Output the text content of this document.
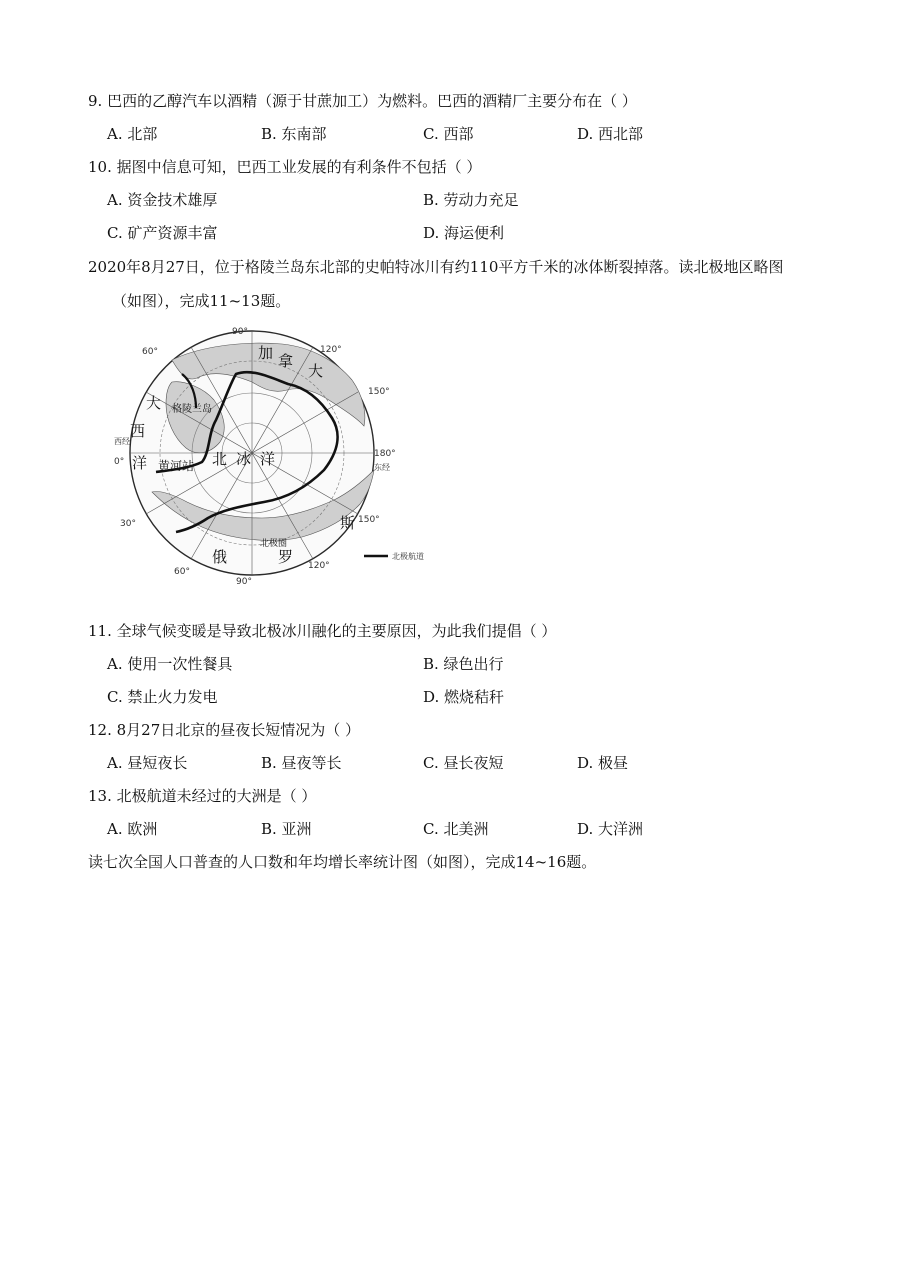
9. 巴西的乙醇汽车以酒精（源于甘蔗加工）为燃料。巴西的酒精厂主要分布在（ ）
A. 北部	B. 东南部	C. 西部	D. 西北部
10. 据图中信息可知，巴西工业发展的有利条件不包括（ ）
A. 资金技术雄厚	B. 劳动力充足
C. 矿产资源丰富	D. 海运便利
2020年8月27日，位于格陵兰岛东北部的史帕特冰川有约110平方千米的冰体断裂掉落。读北极地区略图
（如图），完成11~13题。
90°
90°
60°	120°
150°
30°	150°
120°
60°
0°
180°
西经
东经
加 拿
大
大
西
洋
格陵兰岛
黄河站 北 冰 洋
斯
罗
俄
北极圈
北极航道
11. 全球气候变暖是导致北极冰川融化的主要原因，为此我们提倡（ ）
A. 使用一次性餐具	B. 绿色出行
C. 禁止火力发电	D. 燃烧秸秆
12. 8月27日北京的昼夜长短情况为（ ）
A. 昼短夜长	B. 昼夜等长	C. 昼长夜短	D. 极昼
13. 北极航道未经过的大洲是（ ）
A. 欧洲	B. 亚洲	C. 北美洲	D. 大洋洲
读七次全国人口普查的人口数和年均增长率统计图（如图），完成14~16题。
